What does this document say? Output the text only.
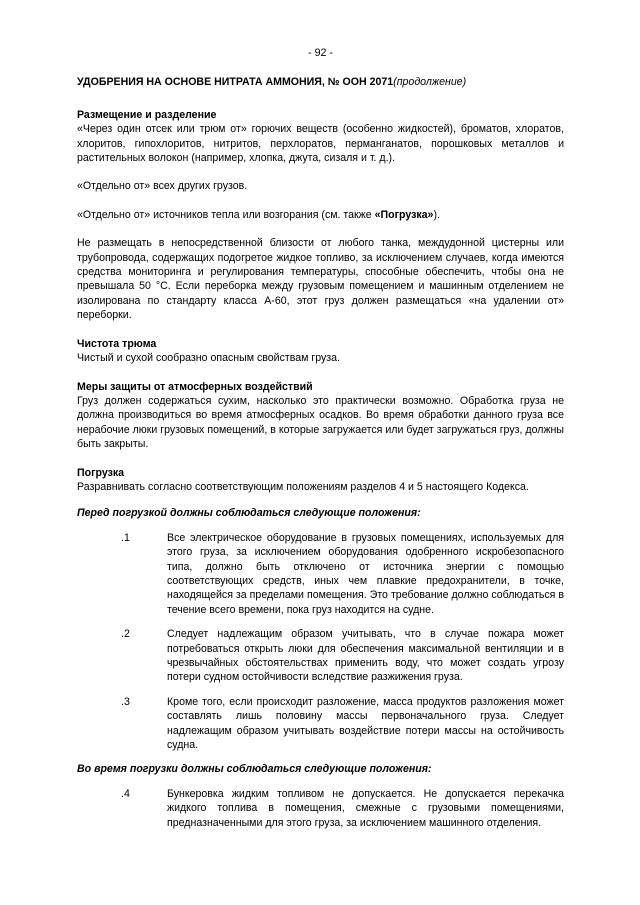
- 92 -
УДОБРЕНИЯ НА ОСНОВЕ НИТРАТА АММОНИЯ, № ООН 2071(продолжение)
Размещение и разделение

«Через один отсек или трюм от» горючих веществ (особенно жидкостей), броматов, хлоратов, хлоритов, гипохлоритов, нитритов, перхлоратов, перманганатов, порошковых металлов и растительных волокон (например, хлопка, джута, сизаля и т. д.).

«Отдельно от» всех других грузов.

«Отдельно от» источников тепла или возгорания (см. также «Погрузка»).

Не размещать в непосредственной близости от любого танка, междудонной цистерны или трубопровода, содержащих подогретое жидкое топливо, за исключением случаев, когда имеются средства мониторинга и регулирования температуры, способные обеспечить, чтобы она не превышала 50 °C. Если переборка между грузовым помещением и машинным отделением не изолирована по стандарту класса А-60, этот груз должен размещаться «на удалении от» переборки.

Чистота трюма

Чистый и сухой сообразно опасным свойствам груза.

Меры защиты от атмосферных воздействий

Груз должен содержаться сухим, насколько это практически возможно. Обработка груза не должна производиться во время атмосферных осадков. Во время обработки данного груза все нерабочие люки грузовых помещений, в которые загружается или будет загружаться груз, должны быть закрыты.

Погрузка

Разравнивать согласно соответствующим положениям разделов 4 и 5 настоящего Кодекса.

Перед погрузкой должны соблюдаться следующие положения:
.1	Все электрическое оборудование в грузовых помещениях, используемых для этого груза, за исключением оборудования одобренного искробезопасного типа, должно быть отключено от источника энергии с помощью соответствующих средств, иных чем плавкие предохранители, в точке, находящейся за пределами помещения. Это требование должно соблюдаться в течение всего времени, пока груз находится на судне.
.2	Следует надлежащим образом учитывать, что в случае пожара может потребоваться открыть люки для обеспечения максимальной вентиляции и в чрезвычайных обстоятельствах применить воду, что может создать угрозу потери судном остойчивости вследствие разжижения груза.
.3	Кроме того, если происходит разложение, масса продуктов разложения может составлять лишь половину массы первоначального груза. Следует надлежащим образом учитывать воздействие потери массы на остойчивость судна.
Во время погрузки должны соблюдаться следующие положения:
.4	Бункеровка жидким топливом не допускается. Не допускается перекачка жидкого топлива в помещения, смежные с грузовыми помещениями, предназначенными для этого груза, за исключением машинного отделения.
